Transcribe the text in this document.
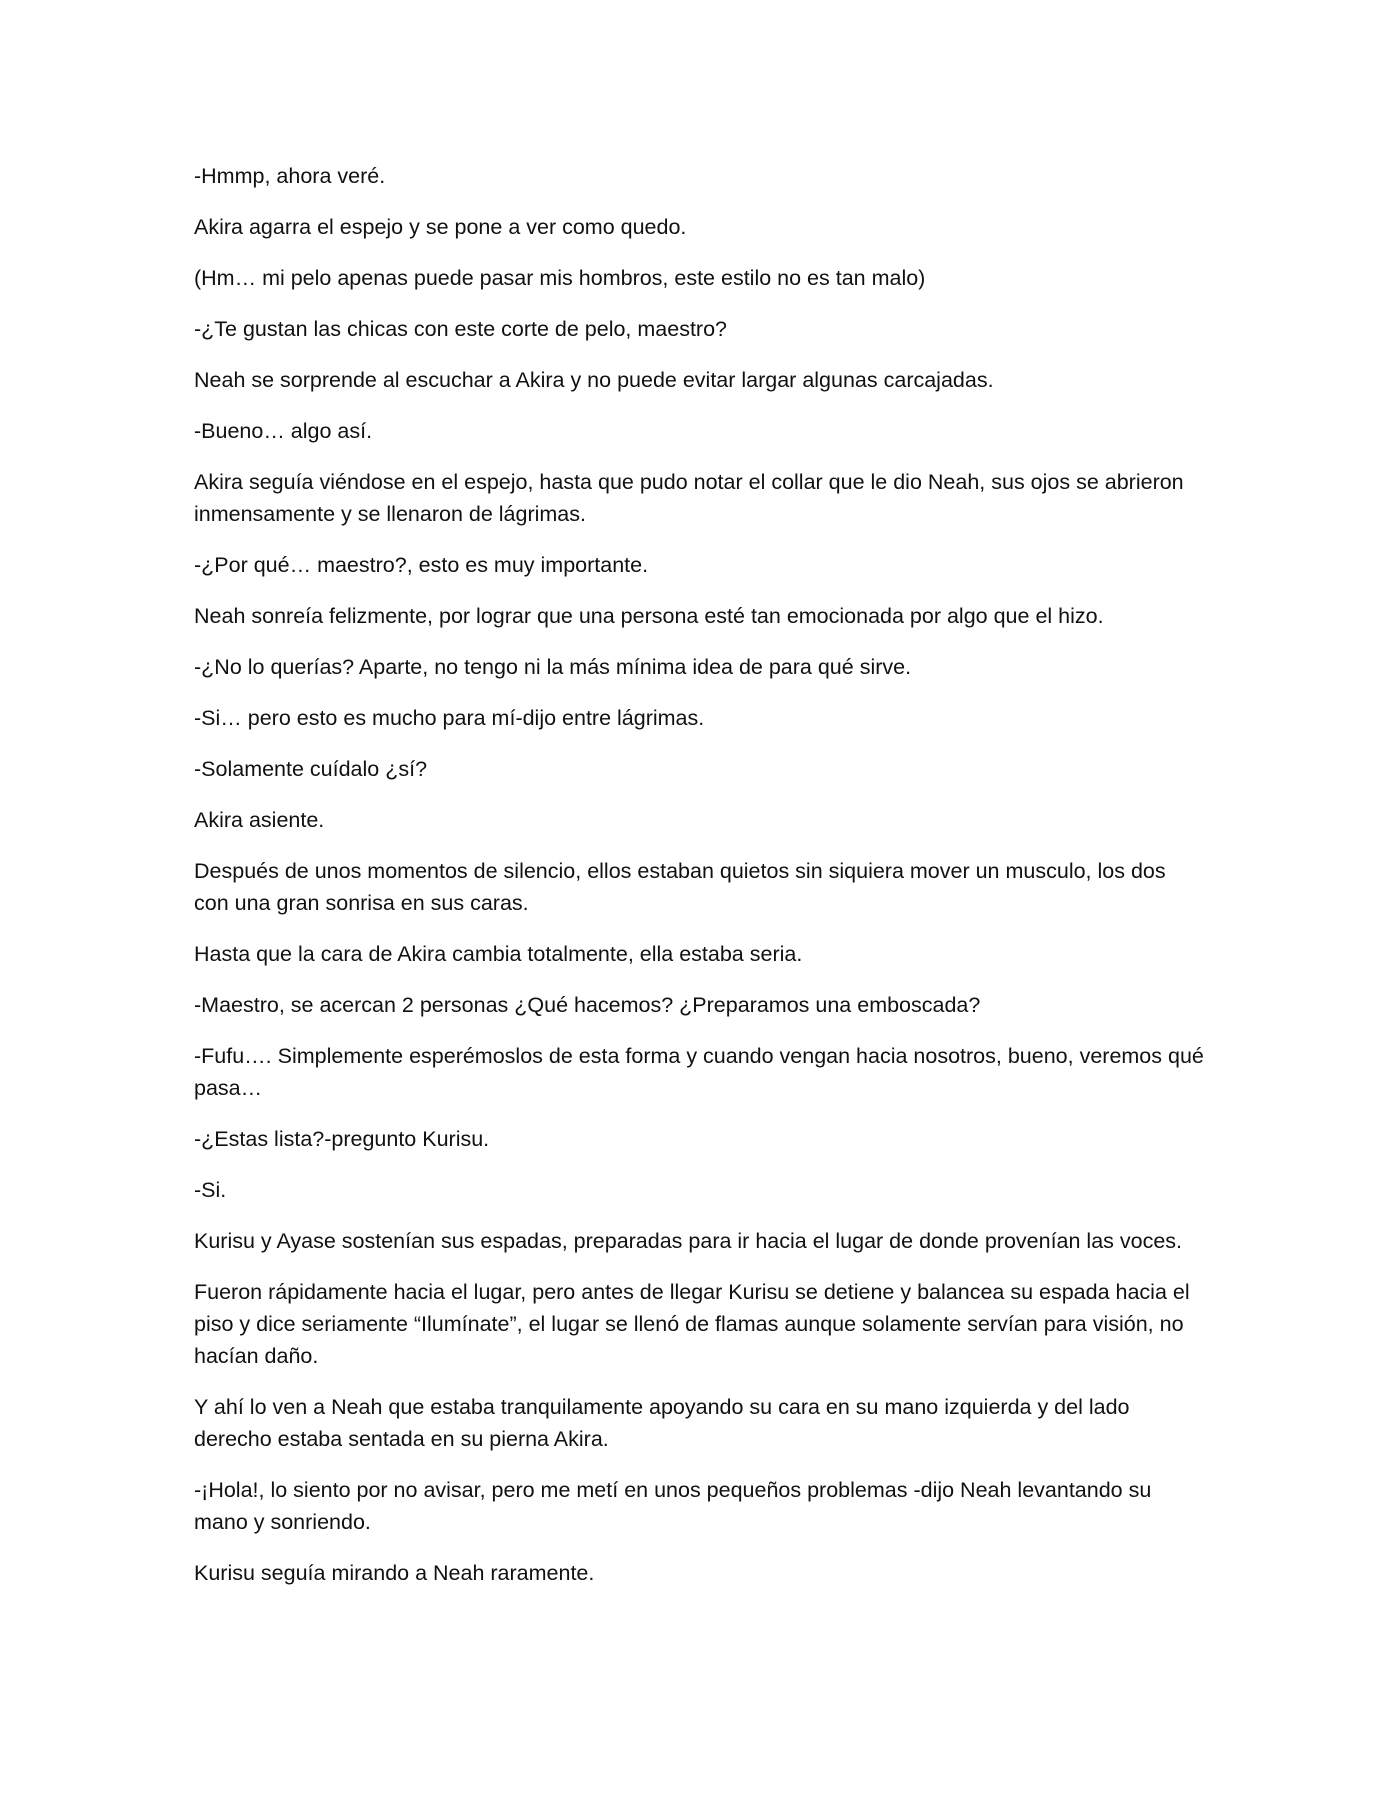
-Hmmp, ahora veré.

Akira agarra el espejo y se pone a ver como quedo.

(Hm… mi pelo apenas puede pasar mis hombros, este estilo no es tan malo)

-¿Te gustan las chicas con este corte de pelo, maestro?

Neah se sorprende al escuchar a Akira y no puede evitar largar algunas carcajadas.

-Bueno… algo así.

Akira seguía viéndose en el espejo, hasta que pudo notar el collar que le dio Neah, sus ojos se abrieron inmensamente y se llenaron de lágrimas.

-¿Por qué… maestro?, esto es muy importante.

Neah sonreía felizmente, por lograr que una persona esté tan emocionada por algo que el hizo.

-¿No lo querías? Aparte, no tengo ni la más mínima idea de para qué sirve.

-Si… pero esto es mucho para mí-dijo entre lágrimas.

-Solamente cuídalo ¿sí?

Akira asiente.

Después de unos momentos de silencio, ellos estaban quietos sin siquiera mover un musculo, los dos con una gran sonrisa en sus caras.

Hasta que la cara de Akira cambia totalmente, ella estaba seria.

-Maestro, se acercan 2 personas ¿Qué hacemos? ¿Preparamos una emboscada?

-Fufu…. Simplemente esperémoslos de esta forma y cuando vengan hacia nosotros, bueno, veremos qué pasa…

-¿Estas lista?-pregunto Kurisu.

-Si.

Kurisu y Ayase sostenían sus espadas, preparadas para ir hacia el lugar de donde provenían las voces.

Fueron rápidamente hacia el lugar, pero antes de llegar Kurisu se detiene y balancea su espada hacia el piso y dice seriamente “Ilumínate”, el lugar se llenó de flamas aunque solamente servían para visión, no hacían daño.

Y ahí lo ven a Neah que estaba tranquilamente apoyando su cara en su mano izquierda y del lado derecho estaba sentada en su pierna Akira.

-¡Hola!, lo siento por no avisar, pero me metí en unos pequeños problemas -dijo Neah levantando su mano y sonriendo.

Kurisu seguía mirando a Neah raramente.
